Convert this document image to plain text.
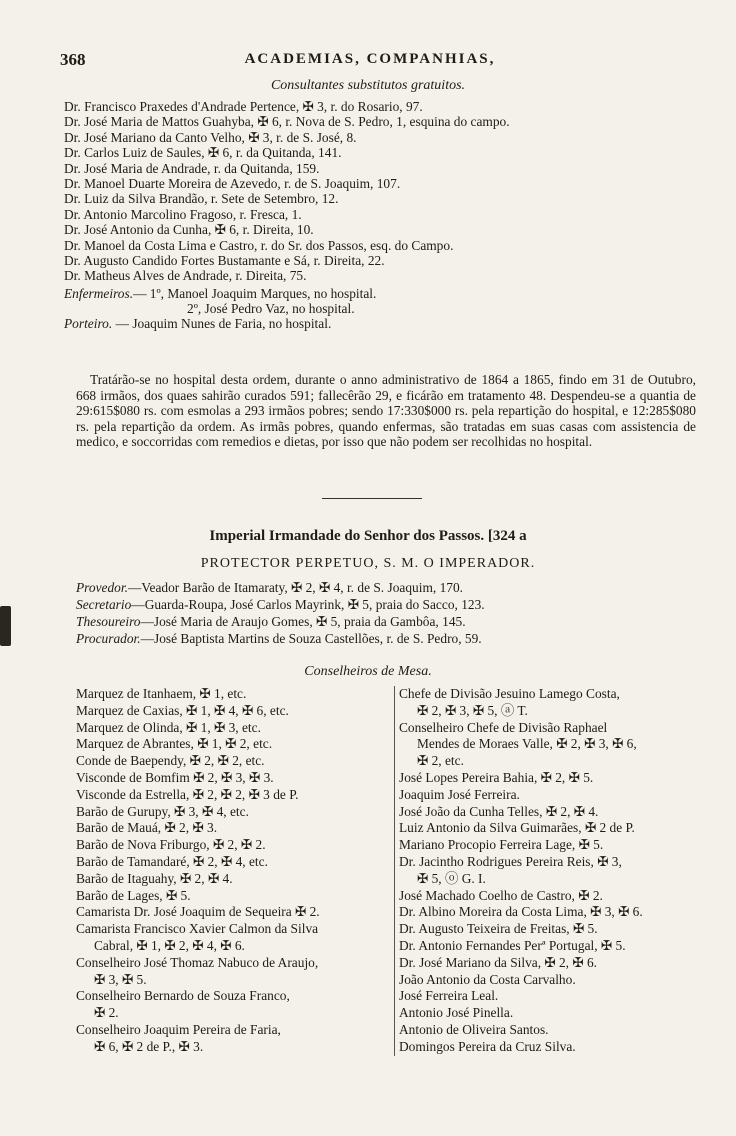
368	ACADEMIAS, COMPANHIAS,
Consultantes substitutos gratuitos.
Dr. Francisco Praxedes d'Andrade Pertence, ✠ 3, r. do Rosario, 97.
Dr. José Maria de Mattos Guahyba, ✠ 6, r. Nova de S. Pedro, 1, esquina do campo.
Dr. José Mariano da Canto Velho, ✠ 3, r. de S. José, 8.
Dr. Carlos Luiz de Saules, ✠ 6, r. da Quitanda, 141.
Dr. José Maria de Andrade, r. da Quitanda, 159.
Dr. Manoel Duarte Moreira de Azevedo, r. de S. Joaquim, 107.
Dr. Luiz da Silva Brandão, r. Sete de Setembro, 12.
Dr. Antonio Marcolino Fragoso, r. Fresca, 1.
Dr. José Antonio da Cunha, ✠ 6, r. Direita, 10.
Dr. Manoel da Costa Lima e Castro, r. do Sr. dos Passos, esq. do Campo.
Dr. Augusto Candido Fortes Bustamante e Sá, r. Direita, 22.
Dr. Matheus Alves de Andrade, r. Direita, 75.
Enfermeiros.— 1º, Manoel Joaquim Marques, no hospital.
2º, José Pedro Vaz, no hospital.
Porteiro. — Joaquim Nunes de Faria, no hospital.

Tratárão-se no hospital desta ordem, durante o anno administrativo de 1864 a 1865, findo em 31 de Outubro, 668 irmãos, dos quaes sahirão curados 591; fallecêrão 29, e ficárão em tratamento 48. Despendeu-se a quantia de 29:615$080 rs. com esmolas a 293 irmãos pobres; sendo 17:330$000 rs. pela repartição do hospital, e 12:285$080 rs. pela repartição da ordem. As irmãs pobres, quando enfermas, são tratadas em suas casas com assistencia de medico, e soccorridas com remedios e dietas, por isso que não podem ser recolhidas no hospital.

Imperial Irmandade do Senhor dos Passos. [324 a
PROTECTOR PERPETUO, S. M. O IMPERADOR.
Provedor.—Veador Barão de Itamaraty, ✠ 2, ✠ 4, r. de S. Joaquim, 170.
Secretario—Guarda-Roupa, José Carlos Mayrink, ✠ 5, praia do Sacco, 123.
Thesoureiro—José Maria de Araujo Gomes, ✠ 5, praia da Gambôa, 145.
Procurador.—José Baptista Martins de Souza Castellões, r. de S. Pedro, 59.
Conselheiros de Mesa.
Marquez de Itanhaem, ✠ 1, etc.
Marquez de Caxias, ✠ 1, ✠ 4, ✠ 6, etc.
Marquez de Olinda, ✠ 1, ✠ 3, etc.
Marquez de Abrantes, ✠ 1, ✠ 2, etc.
Conde de Baependy, ✠ 2, ✠ 2, etc.
Visconde de Bomfim ✠ 2, ✠ 3, ✠ 3.
Visconde da Estrella, ✠ 2, ✠ 2, ✠ 3 de P.
Barão de Gurupy, ✠ 3, ✠ 4, etc.
Barão de Mauá, ✠ 2, ✠ 3.
Barão de Nova Friburgo, ✠ 2, ✠ 2.
Barão de Tamandaré, ✠ 2, ✠ 4, etc.
Barão de Itaguahy, ✠ 2, ✠ 4.
Barão de Lages, ✠ 5.
Camarista Dr. José Joaquim de Sequeira ✠ 2.
Camarista Francisco Xavier Calmon da Silva
Cabral, ✠ 1, ✠ 2, ✠ 4, ✠ 6.
Conselheiro José Thomaz Nabuco de Araujo,
✠ 3, ✠ 5.
Conselheiro Bernardo de Souza Franco,
✠ 2.
Conselheiro Joaquim Pereira de Faria,
✠ 6, ✠ 2 de P., ✠ 3.
Chefe de Divisão Jesuino Lamego Costa,
✠ 2, ✠ 3, ✠ 5, ⓐ T.
Conselheiro Chefe de Divisão Raphael
Mendes de Moraes Valle, ✠ 2, ✠ 3, ✠ 6,
✠ 2, etc.
José Lopes Pereira Bahia, ✠ 2, ✠ 5.
Joaquim José Ferreira.
José João da Cunha Telles, ✠ 2, ✠ 4.
Luiz Antonio da Silva Guimarães, ✠ 2 de P.
Mariano Procopio Ferreira Lage, ✠ 5.
Dr. Jacintho Rodrigues Pereira Reis, ✠ 3,
✠ 5, ⓞ G. I.
José Machado Coelho de Castro, ✠ 2.
Dr. Albino Moreira da Costa Lima, ✠ 3, ✠ 6.
Dr. Augusto Teixeira de Freitas, ✠ 5.
Dr. Antonio Fernandes Perª Portugal, ✠ 5.
Dr. José Mariano da Silva, ✠ 2, ✠ 6.
João Antonio da Costa Carvalho.
José Ferreira Leal.
Antonio José Pinella.
Antonio de Oliveira Santos.
Domingos Pereira da Cruz Silva.
